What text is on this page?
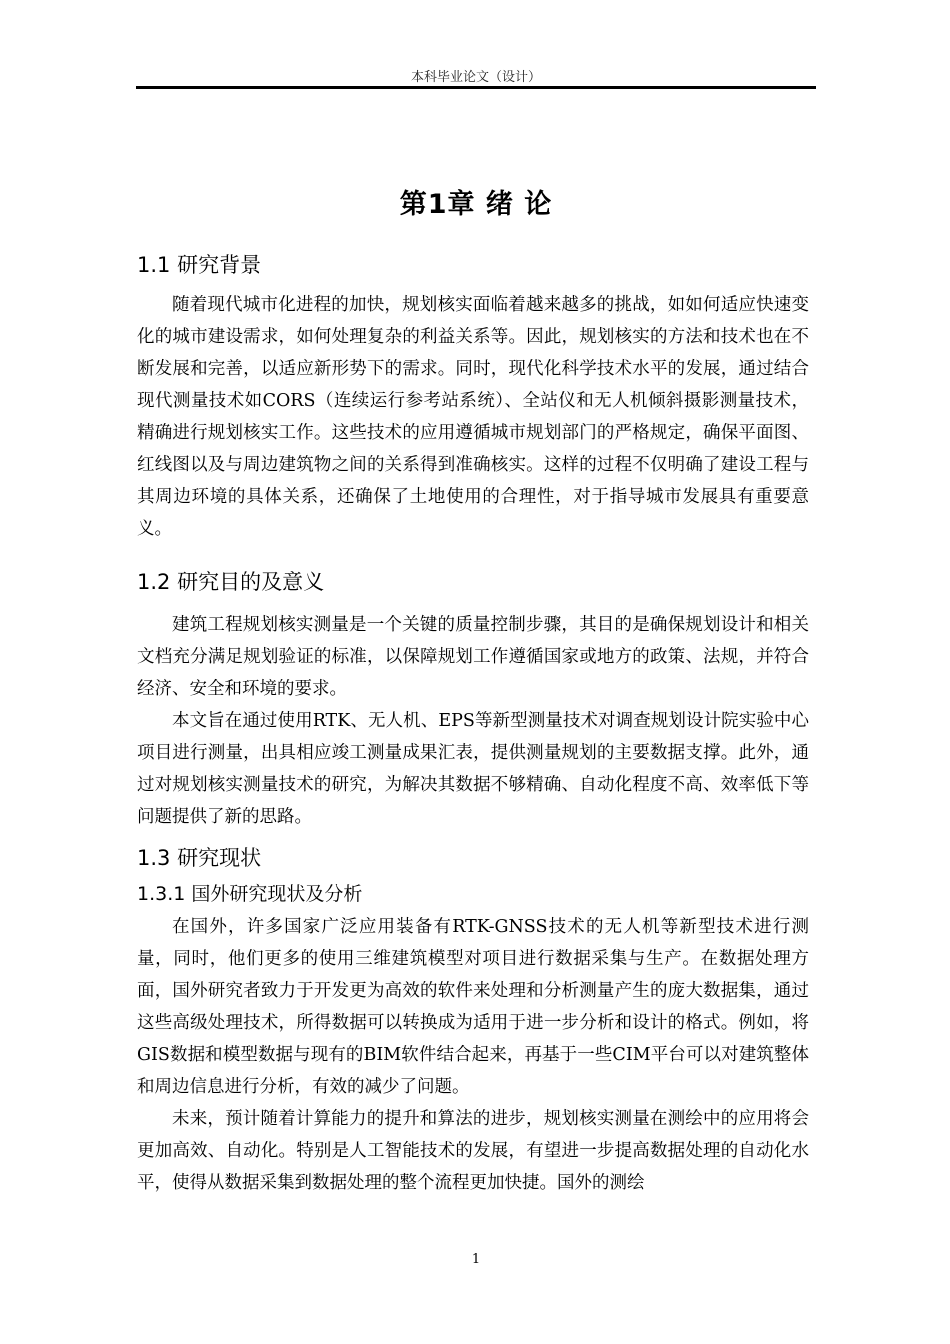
本科毕业论文（设计）
第1章 绪 论
1.1 研究背景

随着现代城市化进程的加快，规划核实面临着越来越多的挑战，如如何适应快速变化的城市建设需求，如何处理复杂的利益关系等。因此，规划核实的方法和技术也在不断发展和完善，以适应新形势下的需求。同时，现代化科学技术水平的发展，通过结合现代测量技术如CORS（连续运行参考站系统）、全站仪和无人机倾斜摄影测量技术，精确进行规划核实工作。这些技术的应用遵循城市规划部门的严格规定，确保平面图、红线图以及与周边建筑物之间的关系得到准确核实。这样的过程不仅明确了建设工程与其周边环境的具体关系，还确保了土地使用的合理性，对于指导城市发展具有重要意义。

1.2 研究目的及意义

建筑工程规划核实测量是一个关键的质量控制步骤，其目的是确保规划设计和相关文档充分满足规划验证的标准，以保障规划工作遵循国家或地方的政策、法规，并符合经济、安全和环境的要求。

本文旨在通过使用RTK、无人机、EPS等新型测量技术对调查规划设计院实验中心项目进行测量，出具相应竣工测量成果汇表，提供测量规划的主要数据支撑。此外，通过对规划核实测量技术的研究，为解决其数据不够精确、自动化程度不高、效率低下等问题提供了新的思路。

1.3 研究现状
1.3.1 国外研究现状及分析

在国外，许多国家广泛应用装备有RTK-GNSS技术的无人机等新型技术进行测量，同时，他们更多的使用三维建筑模型对项目进行数据采集与生产。在数据处理方面，国外研究者致力于开发更为高效的软件来处理和分析测量产生的庞大数据集，通过这些高级处理技术，所得数据可以转换成为适用于进一步分析和设计的格式。例如，将GIS数据和模型数据与现有的BIM软件结合起来，再基于一些CIM平台可以对建筑整体和周边信息进行分析，有效的减少了问题。

未来，预计随着计算能力的提升和算法的进步，规划核实测量在测绘中的应用将会更加高效、自动化。特别是人工智能技术的发展，有望进一步提高数据处理的自动化水平，使得从数据采集到数据处理的整个流程更加快捷。国外的测绘

1
